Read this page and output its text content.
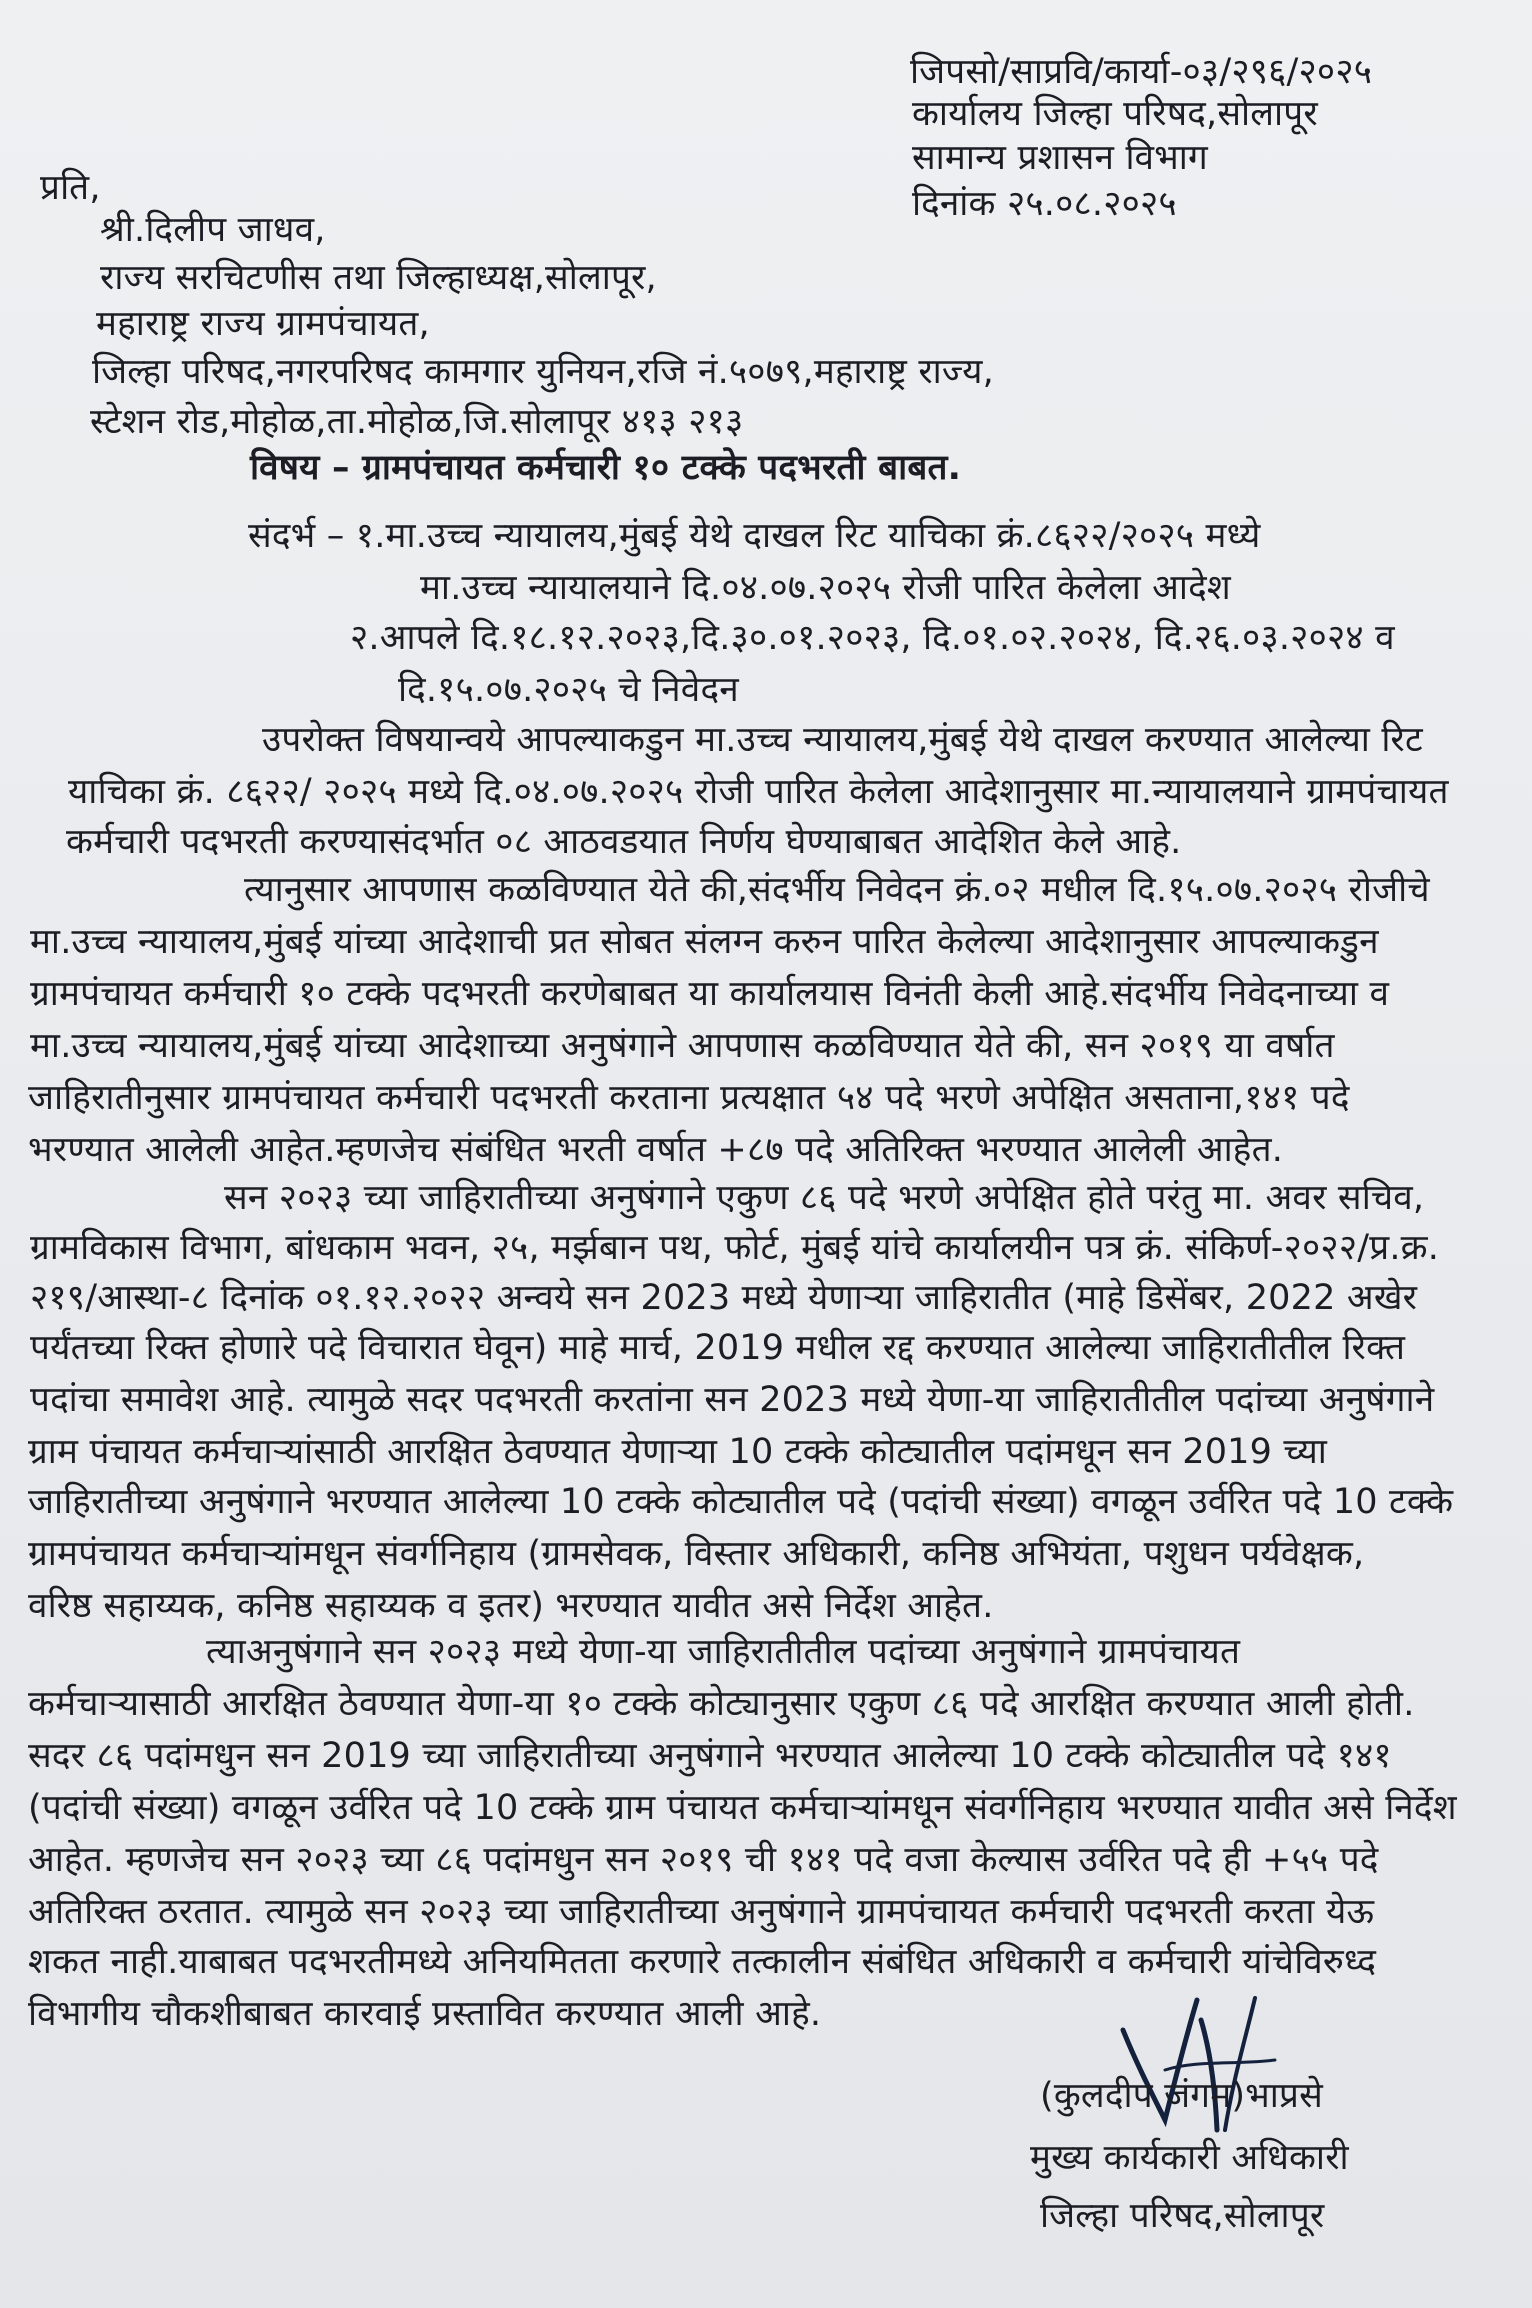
जिपसो/साप्रवि/कार्या-०३/२९६/२०२५
कार्यालय जिल्हा परिषद,सोलापूर
सामान्य प्रशासन विभाग
दिनांक २५.०८.२०२५
प्रति,
श्री.दिलीप जाधव,
राज्य सरचिटणीस तथा जिल्हाध्यक्ष,सोलापूर,
महाराष्ट्र राज्य ग्रामपंचायत,
जिल्हा परिषद,नगरपरिषद कामगार युनियन,रजि नं.५०७९,महाराष्ट्र राज्य,
स्टेशन रोड,मोहोळ,ता.मोहोळ,जि.सोलापूर ४१३ २१३
विषय – ग्रामपंचायत कर्मचारी १० टक्के पदभरती बाबत.
संदर्भ – १.मा.उच्च न्यायालय,मुंबई येथे दाखल रिट याचिका क्रं.८६२२/२०२५ मध्ये
मा.उच्च न्यायालयाने दि.०४.०७.२०२५ रोजी पारित केलेला आदेश
२.आपले दि.१८.१२.२०२३,दि.३०.०१.२०२३, दि.०१.०२.२०२४, दि.२६.०३.२०२४ व
दि.१५.०७.२०२५ चे निवेदन
उपरोक्त विषयान्वये आपल्याकडुन मा.उच्च न्यायालय,मुंबई येथे दाखल करण्यात आलेल्या रिट
याचिका क्रं. ८६२२/ २०२५ मध्ये दि.०४.०७.२०२५ रोजी पारित केलेला आदेशानुसार मा.न्यायालयाने ग्रामपंचायत
कर्मचारी पदभरती करण्यासंदर्भात ०८ आठवडयात निर्णय घेण्याबाबत आदेशित केले आहे.
त्यानुसार आपणास कळविण्यात येते की,संदर्भीय निवेदन क्रं.०२ मधील दि.१५.०७.२०२५ रोजीचे
मा.उच्च न्यायालय,मुंबई यांच्या आदेशाची प्रत सोबत संलग्न करुन पारित केलेल्या आदेशानुसार आपल्याकडुन
ग्रामपंचायत कर्मचारी १० टक्के पदभरती करणेबाबत या कार्यालयास विनंती केली आहे.संदर्भीय निवेदनाच्या व
मा.उच्च न्यायालय,मुंबई यांच्या आदेशाच्या अनुषंगाने आपणास कळविण्यात येते की, सन २०१९ या वर्षात
जाहिरातीनुसार ग्रामपंचायत कर्मचारी पदभरती करताना प्रत्यक्षात ५४ पदे भरणे अपेक्षित असताना,१४१ पदे
भरण्यात आलेली आहेत.म्हणजेच संबंधित भरती वर्षात +८७ पदे अतिरिक्त भरण्यात आलेली आहेत.
सन २०२३ च्या जाहिरातीच्या अनुषंगाने एकुण ८६ पदे भरणे अपेक्षित होते परंतु मा. अवर सचिव,
ग्रामविकास विभाग, बांधकाम भवन, २५, मर्झबान पथ, फोर्ट, मुंबई यांचे कार्यालयीन पत्र क्रं. संकिर्ण-२०२२/प्र.क्र.
२१९/आस्था-८ दिनांक ०१.१२.२०२२ अन्वये सन 2023 मध्ये येणाऱ्या जाहिरातीत (माहे डिसेंबर, 2022 अखेर
पर्यंतच्या रिक्त होणारे पदे विचारात घेवून) माहे मार्च, 2019 मधील रद्द करण्यात आलेल्या जाहिरातीतील रिक्त
पदांचा समावेश आहे. त्यामुळे सदर पदभरती करतांना सन 2023 मध्ये येणा-या जाहिरातीतील पदांच्या अनुषंगाने
ग्राम पंचायत कर्मचाऱ्यांसाठी आरक्षित ठेवण्यात येणाऱ्या 10 टक्के कोट्यातील पदांमधून सन 2019 च्या
जाहिरातीच्या अनुषंगाने भरण्यात आलेल्या 10 टक्के कोट्यातील पदे (पदांची संख्या) वगळून उर्वरित पदे 10 टक्के
ग्रामपंचायत कर्मचाऱ्यांमधून संवर्गनिहाय (ग्रामसेवक, विस्तार अधिकारी, कनिष्ठ अभियंता, पशुधन पर्यवेक्षक,
वरिष्ठ सहाय्यक, कनिष्ठ सहाय्यक व इतर) भरण्यात यावीत असे निर्देश आहेत.
त्याअनुषंगाने सन २०२३ मध्ये येणा-या जाहिरातीतील पदांच्या अनुषंगाने ग्रामपंचायत
कर्मचाऱ्यासाठी आरक्षित ठेवण्यात येणा-या १० टक्के कोट्यानुसार एकुण ८६ पदे आरक्षित करण्यात आली होती.
सदर ८६ पदांमधुन सन 2019 च्या जाहिरातीच्या अनुषंगाने भरण्यात आलेल्या 10 टक्के कोट्यातील पदे १४१
(पदांची संख्या) वगळून उर्वरित पदे 10 टक्के ग्राम पंचायत कर्मचाऱ्यांमधून संवर्गनिहाय भरण्यात यावीत असे निर्देश
आहेत. म्हणजेच सन २०२३ च्या ८६ पदांमधुन सन २०१९ ची १४१ पदे वजा केल्यास उर्वरित पदे ही +५५ पदे
अतिरिक्त ठरतात. त्यामुळे सन २०२३ च्या जाहिरातीच्या अनुषंगाने ग्रामपंचायत कर्मचारी पदभरती करता येऊ
शकत नाही.याबाबत पदभरतीमध्ये अनियमितता करणारे तत्कालीन संबंधित अधिकारी व कर्मचारी यांचेविरुध्द
विभागीय चौकशीबाबत कारवाई प्रस्तावित करण्यात आली आहे.
(कुलदीप जंगम)भाप्रसे
मुख्य कार्यकारी अधिकारी
जिल्हा परिषद,सोलापूर
